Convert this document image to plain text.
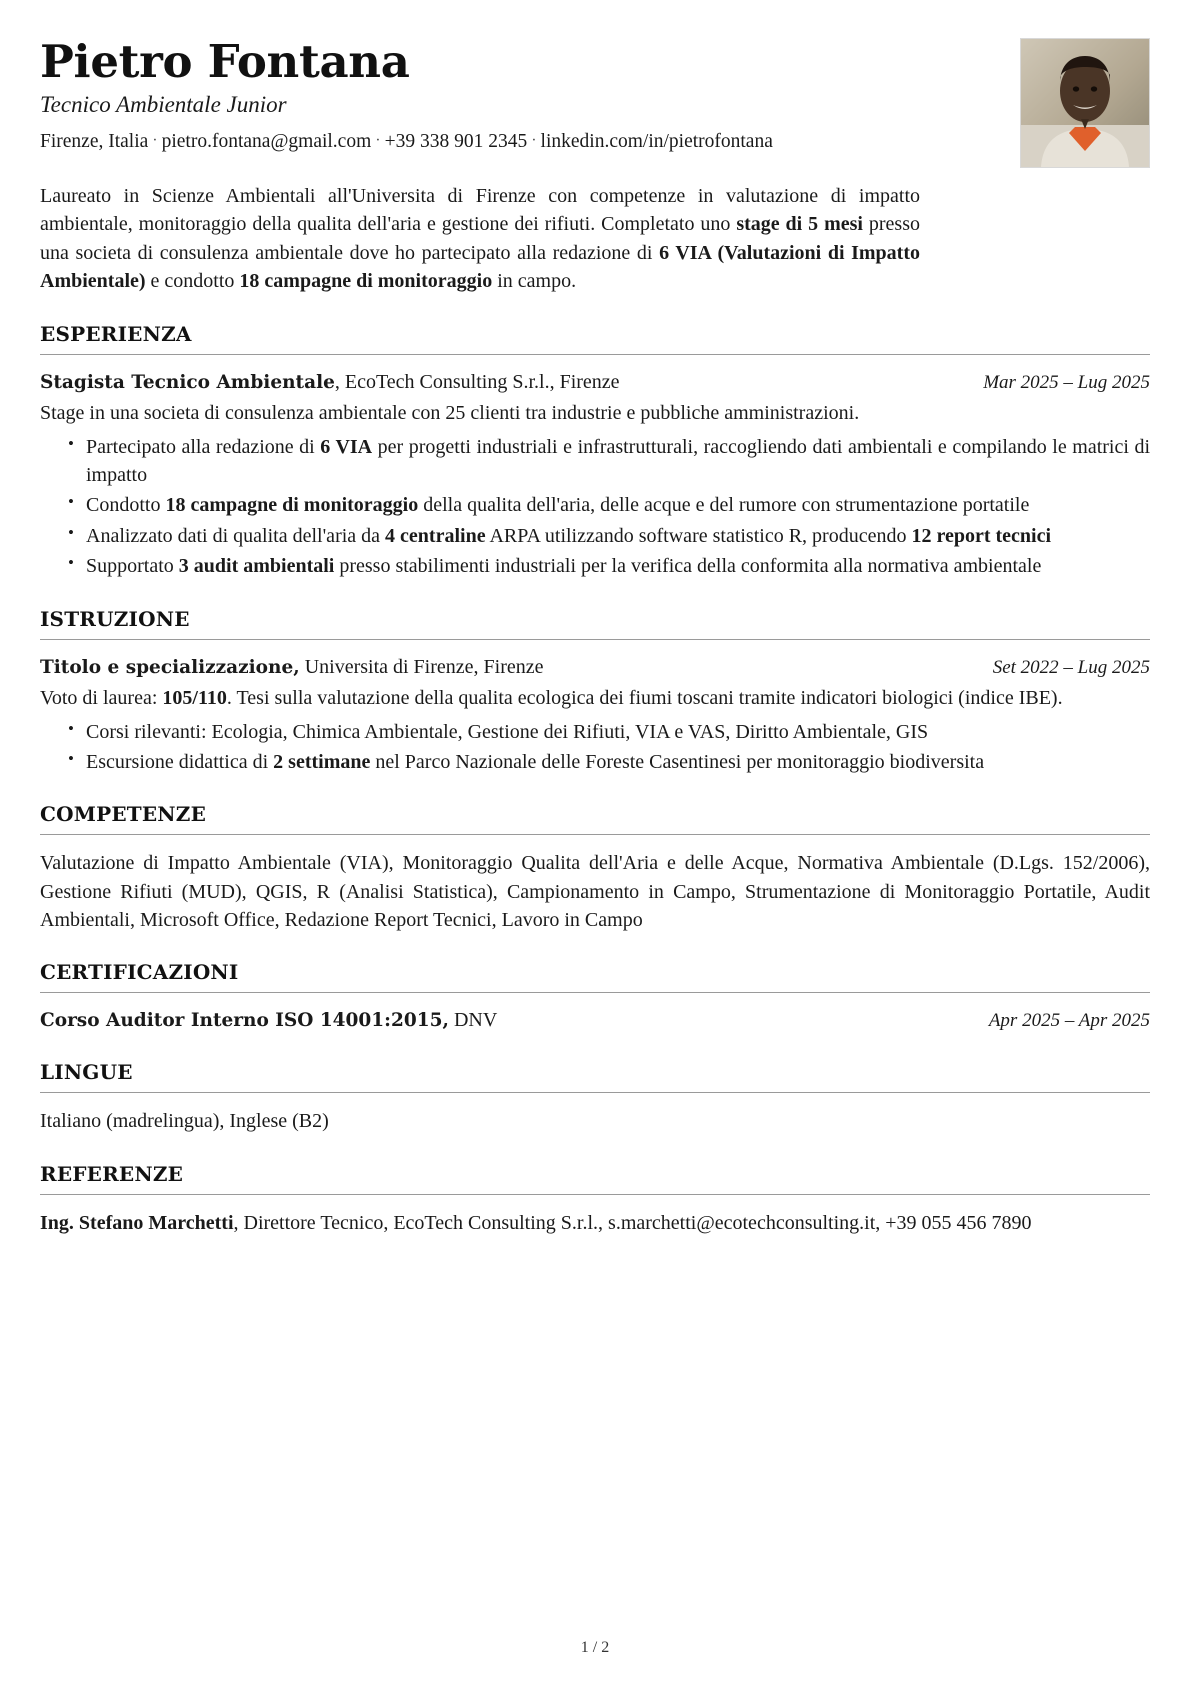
Pietro Fontana
Tecnico Ambientale Junior
Firenze, Italia · pietro.fontana@gmail.com · +39 338 901 2345 · linkedin.com/in/pietrofontana
Laureato in Scienze Ambientali all'Universita di Firenze con competenze in valutazione di impatto ambientale, monitoraggio della qualita dell'aria e gestione dei rifiuti. Completato uno stage di 5 mesi presso una societa di consulenza ambientale dove ho partecipato alla redazione di 6 VIA (Valutazioni di Impatto Ambientale) e condotto 18 campagne di monitoraggio in campo.
ESPERIENZA
Stagista Tecnico Ambientale, EcoTech Consulting S.r.l., Firenze	Mar 2025 – Lug 2025
Stage in una societa di consulenza ambientale con 25 clienti tra industrie e pubbliche amministrazioni.
• Partecipato alla redazione di 6 VIA per progetti industriali e infrastrutturali, raccogliendo dati ambientali e compilando le matrici di impatto
• Condotto 18 campagne di monitoraggio della qualita dell'aria, delle acque e del rumore con strumentazione portatile
• Analizzato dati di qualita dell'aria da 4 centraline ARPA utilizzando software statistico R, producendo 12 report tecnici
• Supportato 3 audit ambientali presso stabilimenti industriali per la verifica della conformita alla normativa ambientale
ISTRUZIONE
Titolo e specializzazione, Universita di Firenze, Firenze	Set 2022 – Lug 2025
Voto di laurea: 105/110. Tesi sulla valutazione della qualita ecologica dei fiumi toscani tramite indicatori biologici (indice IBE).
• Corsi rilevanti: Ecologia, Chimica Ambientale, Gestione dei Rifiuti, VIA e VAS, Diritto Ambientale, GIS
• Escursione didattica di 2 settimane nel Parco Nazionale delle Foreste Casentinesi per monitoraggio biodiversita
COMPETENZE
Valutazione di Impatto Ambientale (VIA), Monitoraggio Qualita dell'Aria e delle Acque, Normativa Ambientale (D.Lgs. 152/2006), Gestione Rifiuti (MUD), QGIS, R (Analisi Statistica), Campionamento in Campo, Strumentazione di Monitoraggio Portatile, Audit Ambientali, Microsoft Office, Redazione Report Tecnici, Lavoro in Campo
CERTIFICAZIONI
Corso Auditor Interno ISO 14001:2015, DNV	Apr 2025 – Apr 2025
LINGUE
Italiano (madrelingua), Inglese (B2)
REFERENZE
Ing. Stefano Marchetti, Direttore Tecnico, EcoTech Consulting S.r.l., s.marchetti@ecotechconsulting.it, +39 055 456 7890
1 / 2
